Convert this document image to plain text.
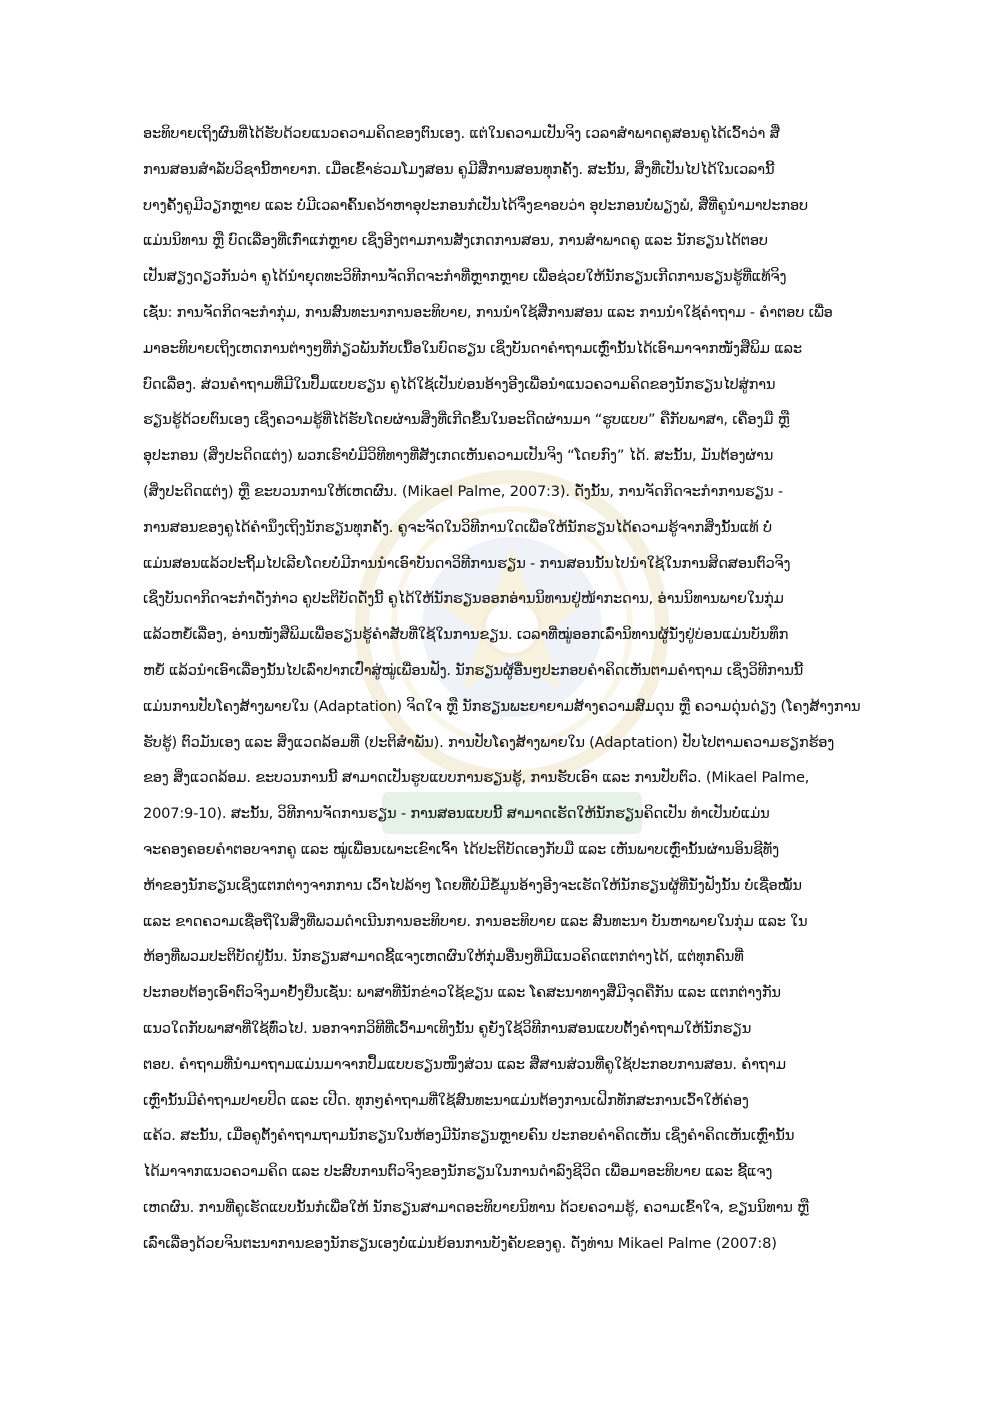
ອະທິບາຍເຖິງຜົນທີ່ໄດ້ຮັບດ້ວຍແນວຄວາມຄິດຂອງຕົນເອງ. ແຕ່ໃນຄວາມເປັນຈິງ ເວລາສຳພາດຄູສອນຄູໄດ້ເວົ້າວ່າ ສື່
ການສອນສຳລັບວິຊານີ້ຫາຍາກ. ເມື່ອເຂົ້າຮ່ວມໂມງສອນ ຄູມີສື່ການສອນທຸກຄັ້ງ. ສະນັ້ນ, ສິ່ງທີ່ເປັນໄປໄດ້ໃນເວລານີ້
ບາງຄັ້ງຄູມີວຽກຫຼາຍ ແລະ ບໍ່ມີເວລາຄົ້ນຄວ້າຫາອຸປະກອນກໍເປັນໄດ້ຈຶ່ງຂາອບວ່າ ອຸປະກອນບໍ່ພຽງພໍ, ສື່ທີ່ຄູນຳມາປະກອບ
ແມ່ນນິທານ ຫຼື ບົດເລື່ອງທີ່ເກົ່າແກ່ຫຼາຍ ເຊິ່ງອີງຕາມການສັງເກດການສອນ, ການສຳພາດຄູ ແລະ ນັກຮຽນໄດ້ຕອບ
ເປັນສຽງດຽວກັນວ່າ ຄູໄດ້ນຳຍຸດທະວິທີການຈັດກິດຈະກຳທີ່ຫຼາກຫຼາຍ ເພື່ອຊ່ວຍໃຫ້ນັກຮຽນເກີດການຮຽນຮູ້ທີ່ແທ້ຈິງ
ເຊັ່ນ: ການຈັດກິດຈະກຳກຸ່ມ, ການສົນທະນາການອະທິບາຍ, ການນຳໃຊ້ສື່ການສອນ ແລະ ການນຳໃຊ້ຄຳຖາມ - ຄຳຕອບ ເພື່ອ
ມາອະທິບາຍເຖິງເຫດການຕ່າງໆທີ່ກ່ຽວພັນກັບເນື້ອໃນບົດຮຽນ ເຊິ່ງບັນດາຄຳຖາມເຫຼົ່ານັ້ນໄດ້ເອົາມາຈາກໜັງສືພິມ ແລະ
ບົດເລື່ອງ. ສ່ວນຄຳຖາມທີ່ມີໃນປຶ້ມແບບຮຽນ ຄູໄດ້ໃຊ້ເປັນບ່ອນອ້າງອີງເພື່ອນຳແນວຄວາມຄິດຂອງນັກຮຽນໄປສູ່ການ
ຮຽນຮູ້ດ້ວຍຕົນເອງ ເຊິ່ງຄວາມຮູ້ທີ່ໄດ້ຮັບໂດຍຜ່ານສິ່ງທີ່ເກີດຂຶ້ນໃນອະດີດຜ່ານມາ “ຮູບແບບ” ຄືກັບພາສາ, ເຄື່ອງມື ຫຼື
ອຸປະກອນ (ສິ່ງປະດິດແຕ່ງ) ພວກເຮົາບໍ່ມີວິທີທາງທີ່ສັງເກດເຫັນຄວາມເປັນຈິງ “ໂດຍກົງ” ໄດ້. ສະນັ້ນ, ມັນຕ້ອງຜ່ານ
(ສິ່ງປະດິດແຕ່ງ) ຫຼື ຂະບວນການໃຫ້ເຫດຜົນ. (Mikael Palme, 2007:3). ດັ່ງນັ້ນ, ການຈັດກິດຈະກຳການຮຽນ -
ການສອນຂອງຄູໄດ້ຄຳນຶງເຖິງນັກຮຽນທຸກຄັ້ງ. ຄູຈະຈັດໃນວິທີການໃດເພື່ອໃຫ້ນັກຮຽນໄດ້ຄວາມຮູ້ຈາກສິ່ງນັ້ນແທ້ ບໍ່
ແມ່ນສອນແລ້ວປະຖິ້ມໄປເລີຍໂດຍບໍ່ມີການນຳເອົາບັນດາວິທີການຮຽນ - ການສອນນັ້ນໄປນຳໃຊ້ໃນການສິດສອນຕົວຈິງ
ເຊິ່ງບັນດາກິດຈະກຳດັ່ງກ່າວ ຄູປະຕິບັດດັ່ງນີ້ ຄູໄດ້ໃຫ້ນັກຮຽນອອກອ່ານນິທານຢູ່ໜ້າກະດານ, ອ່ານນິທານພາຍໃນກຸ່ມ
ແລ້ວຫຍໍ້ເລື່ອງ, ອ່ານໜັງສືພິມເພື່ອຮຽນຮູ້ຄຳສັບທີ່ໃຊ້ໃນການຂຽນ. ເວລາທີ່ໝູ່ອອກເລົ່ານິທານຜູ້ນັ່ງຢູ່ບ່ອນແມ່ນບັນທຶກ
ຫຍໍ້ ແລ້ວນຳເອົາເລື່ອງນັ້ນໄປເລົ່າປາກເປົ່າສູ່ໝູ່ເພື່ອນຟັງ. ນັກຮຽນຜູ້ອື່ນໆປະກອບຄຳຄິດເຫັນຕາມຄຳຖາມ ເຊິ່ງວິທີການນີ້
ແມ່ນການປັບໂຄງສ້າງພາຍໃນ (Adaptation) ຈິດໃຈ ຫຼື ນັກຮຽນພະຍາຍາມສ້າງຄວາມສົມດຸນ ຫຼື ຄວາມດຸ່ນດ່ຽງ (ໂຄງສ້າງການ
ຮັບຮູ້) ຕົວມັນເອງ ແລະ ສິ່ງແວດລ້ອມທີ່ (ປະຕິສຳພັນ). ການປັບໂຄງສ້າງພາຍໃນ (Adaptation) ປັບໄປຕາມຄວາມຮຽກຮ້ອງ
ຂອງ ສິ່ງແວດລ້ອມ. ຂະບວນການນີ້ ສາມາດເປັນຮູບແບບການຮຽນຮູ້, ການຮັບເອົາ ແລະ ການປັບຕົວ. (Mikael Palme,
2007:9-10). ສະນັ້ນ, ວິທີການຈັດການຮຽນ - ການສອນແບບນີ້ ສາມາດເຮັດໃຫ້ນັກຮຽນຄິດເປັນ ທຳເປັນບໍ່ແມ່ນ
ຈະຄອງຄອຍຄຳຕອບຈາກຄູ ແລະ ໝູ່ເພື່ອນເພາະເຂົາເຈົ້າ ໄດ້ປະຕິບັດເອງກັບມື ແລະ ເຫັນພາບເຫຼົ່ານັ້ນຜ່ານອິນຊີທັງ
ຫ້າຂອງນັກຮຽນເຊິ່ງແຕກຕ່າງຈາກການ ເວົ້າໄປລ້າໆ ໂດຍທີ່ບໍ່ມີຂໍ້ມູນອ້າງອີງຈະເຮັດໃຫ້ນັກຮຽນຜູ້ທີ່ນັ່ງຟັງນັ້ນ ບໍ່ເຊື່ອໝັ້ນ
ແລະ ຂາດຄວາມເຊື່ອຖືໃນສິ່ງທີ່ພວມດຳເນີນການອະທິບາຍ. ການອະທິບາຍ ແລະ ສົນທະນາ ບັນຫາພາຍໃນກຸ່ມ ແລະ ໃນ
ຫ້ອງທີ່ພວມປະຕິບັດຢູ່ນັ້ນ. ນັກຮຽນສາມາດຊີ້ແຈງເຫດຜົນໃຫ້ກຸ່ມອື່ນໆທີ່ມີແນວຄິດແຕກຕ່າງໄດ້, ແຕ່ທຸກຄົນທີ່
ປະກອບຕ້ອງເອົາຕົວຈິງມາຢັ້ງຢືນເຊັ່ນ: ພາສາທີ່ນັກຂ່າວໃຊ້ຂຽນ ແລະ ໂຄສະນາທາງສື່ມີຈຸດຄືກັນ ແລະ ແຕກຕ່າງກັນ
ແນວໃດກັບພາສາທີ່ໃຊ້ທົ່ວໄປ. ນອກຈາກວິທີທີ່ເວົ້າມາເທິງນັ້ນ ຄູຍັງໃຊ້ວິທີການສອນແບບຕັ້ງຄຳຖາມໃຫ້ນັກຮຽນ
ຕອບ. ຄຳຖາມທີ່ນຳມາຖາມແມ່ນມາຈາກປຶ້ມແບບຮຽນໜຶ່ງສ່ວນ ແລະ ສື່ສານສ່ວນທີ່ຄູໃຊ້ປະກອບການສອນ. ຄຳຖາມ
ເຫຼົ່ານັ້ນມີຄຳຖາມປາຍປິດ ແລະ ເປີດ. ທຸກໆຄຳຖາມທີ່ໃຊ້ສົນທະນາແມ່ນຕ້ອງການເຝິກທັກສະການເວົ້າໃຫ້ຄ່ອງ
ແຄ້ວ. ສະນັ້ນ, ເມື່ອຄູຕັ້ງຄຳຖາມຖາມນັກຮຽນໃນຫ້ອງມີນັກຮຽນຫຼາຍຄົນ ປະກອບຄຳຄິດເຫັນ ເຊິ່ງຄຳຄິດເຫັນເຫຼົ່ານັ້ນ
ໄດ້ມາຈາກແນວຄວາມຄິດ ແລະ ປະສົບການຕົວຈິງຂອງນັກຮຽນໃນການດຳລົງຊີວິດ ເພື່ອມາອະທິບາຍ ແລະ ຊີ້ແຈງ
ເຫດຜົນ. ການທີ່ຄູເຮັດແບບນັ້ນກໍເພື່ອໃຫ້ ນັກຮຽນສາມາດອະທິບາຍນິທານ ດ້ວຍຄວາມຮູ້, ຄວາມເຂົ້າໃຈ, ຂຽນນິທານ ຫຼື
ເລົ່າເລື່ອງດ້ວຍຈິນຕະນາການຂອງນັກຮຽນເອງບໍ່ແມ່ນຍ້ອນການບັງຄັບຂອງຄູ. ດັ່ງທ່ານ Mikael Palme (2007:8)
